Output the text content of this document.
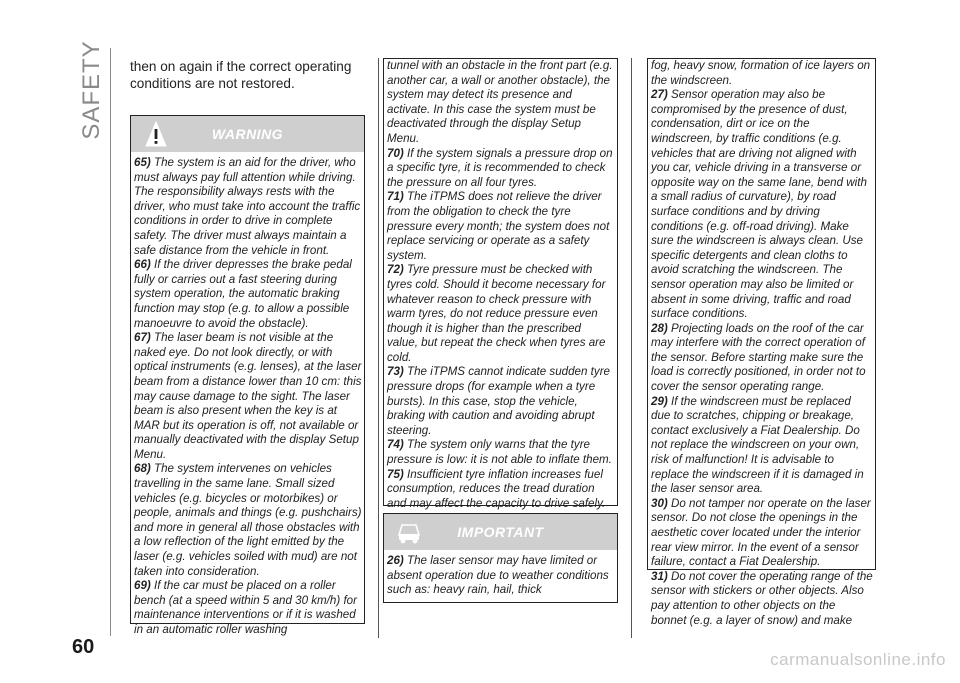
SAFETY
60
then on again if the correct operating conditions are not restored.
WARNING

65) The system is an aid for the driver, who must always pay full attention while driving. The responsibility always rests with the driver, who must take into account the traffic conditions in order to drive in complete safety. The driver must always maintain a safe distance from the vehicle in front.

66) If the driver depresses the brake pedal fully or carries out a fast steering during system operation, the automatic braking function may stop (e.g. to allow a possible manoeuvre to avoid the obstacle).

67) The laser beam is not visible at the naked eye. Do not look directly, or with optical instruments (e.g. lenses), at the laser beam from a distance lower than 10 cm: this may cause damage to the sight. The laser beam is also present when the key is at MAR but its operation is off, not available or manually deactivated with the display Setup Menu.

68) The system intervenes on vehicles travelling in the same lane. Small sized vehicles (e.g. bicycles or motorbikes) or people, animals and things (e.g. pushchairs) and more in general all those obstacles with a low reflection of the light emitted by the laser (e.g. vehicles soiled with mud) are not taken into consideration.

69) If the car must be placed on a roller bench (at a speed within 5 and 30 km/h) for maintenance interventions or if it is washed in an automatic roller washing

tunnel with an obstacle in the front part (e.g. another car, a wall or another obstacle), the system may detect its presence and activate. In this case the system must be deactivated through the display Setup Menu.

70) If the system signals a pressure drop on a specific tyre, it is recommended to check the pressure on all four tyres.

71) The iTPMS does not relieve the driver from the obligation to check the tyre pressure every month; the system does not replace servicing or operate as a safety system.

72) Tyre pressure must be checked with tyres cold. Should it become necessary for whatever reason to check pressure with warm tyres, do not reduce pressure even though it is higher than the prescribed value, but repeat the check when tyres are cold.

73) The iTPMS cannot indicate sudden tyre pressure drops (for example when a tyre bursts). In this case, stop the vehicle, braking with caution and avoiding abrupt steering.

74) The system only warns that the tyre pressure is low: it is not able to inflate them.

75) Insufficient tyre inflation increases fuel consumption, reduces the tread duration and may affect the capacity to drive safely.

IMPORTANT

26) The laser sensor may have limited or absent operation due to weather conditions such as: heavy rain, hail, thick

fog, heavy snow, formation of ice layers on the windscreen.

27) Sensor operation may also be compromised by the presence of dust, condensation, dirt or ice on the windscreen, by traffic conditions (e.g. vehicles that are driving not aligned with you car, vehicle driving in a transverse or opposite way on the same lane, bend with a small radius of curvature), by road surface conditions and by driving conditions (e.g. off-road driving). Make sure the windscreen is always clean. Use specific detergents and clean cloths to avoid scratching the windscreen. The sensor operation may also be limited or absent in some driving, traffic and road surface conditions.

28) Projecting loads on the roof of the car may interfere with the correct operation of the sensor. Before starting make sure the load is correctly positioned, in order not to cover the sensor operating range.

29) If the windscreen must be replaced due to scratches, chipping or breakage, contact exclusively a Fiat Dealership. Do not replace the windscreen on your own, risk of malfunction! It is advisable to replace the windscreen if it is damaged in the laser sensor area.

30) Do not tamper nor operate on the laser sensor. Do not close the openings in the aesthetic cover located under the interior rear view mirror. In the event of a sensor failure, contact a Fiat Dealership.

31) Do not cover the operating range of the sensor with stickers or other objects. Also pay attention to other objects on the bonnet (e.g. a layer of snow) and make

carmanualsonline.info
